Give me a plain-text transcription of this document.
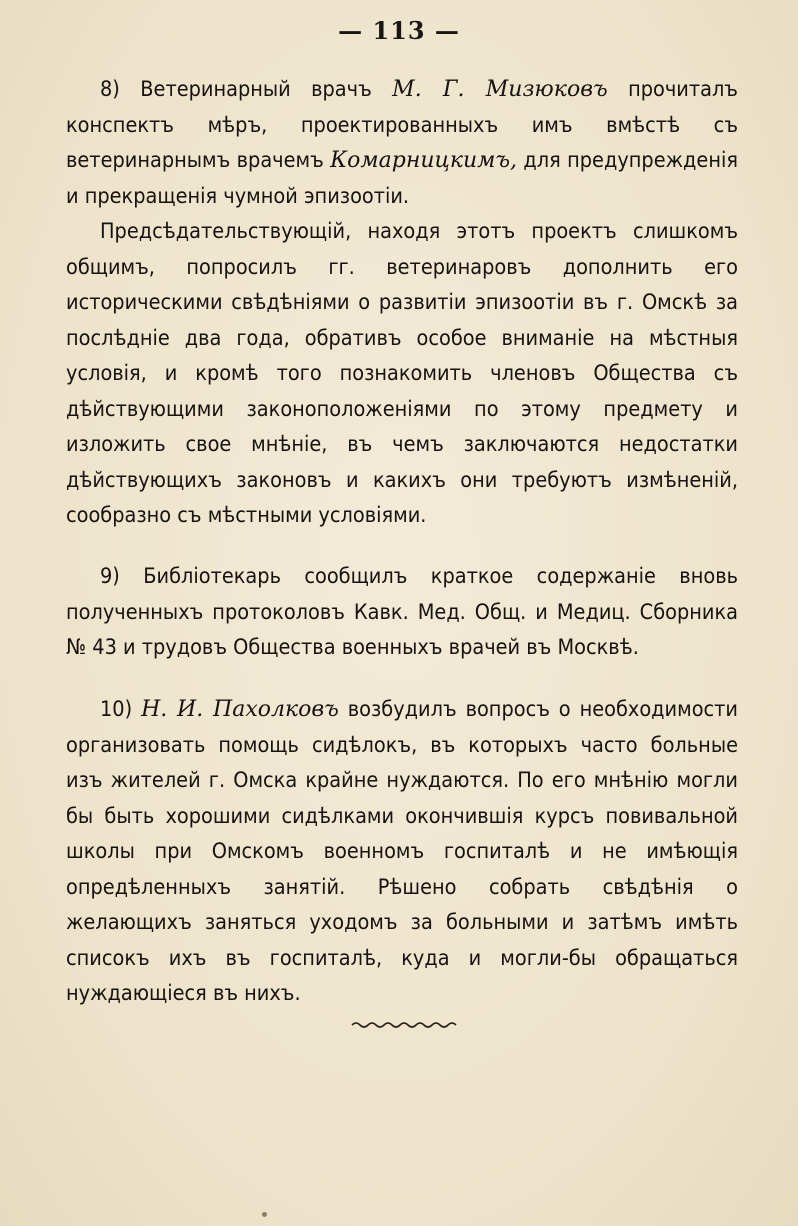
— 113 —

8) Ветеринарный врачъ М. Г. Мизюковъ прочиталъ конспектъ мѣръ, проектированныхъ имъ вмѣстѣ съ ветеринарнымъ врачемъ Комарницкимъ, для предупрежденія и прекращенія чумной эпизоотіи.

Предсѣдательствующій, находя этотъ проектъ слишкомъ общимъ, попросилъ гг. ветеринаровъ дополнить его историческими свѣдѣніями о развитіи эпизоотіи въ г. Омскѣ за послѣдніе два года, обративъ особое вниманіе на мѣстныя условія, и кромѣ того познакомить членовъ Общества съ дѣйствующими законоположеніями по этому предмету и изложить свое мнѣніе, въ чемъ заключаются недостатки дѣйствующихъ законовъ и какихъ они требуютъ измѣненій, сообразно съ мѣстными условіями.

9) Библіотекарь сообщилъ краткое содержаніе вновь полученныхъ протоколовъ Кавк. Мед. Общ. и Медиц. Сборника № 43 и трудовъ Общества военныхъ врачей въ Москвѣ.

10) Н. И. Пахолковъ возбудилъ вопросъ о необходимости организовать помощь сидѣлокъ, въ которыхъ часто больные изъ жителей г. Омска крайне нуждаются. По его мнѣнію могли бы быть хорошими сидѣлками окончившія курсъ повивальной школы при Омскомъ военномъ госпиталѣ и не имѣющія опредѣленныхъ занятій. Рѣшено собрать свѣдѣнія о желающихъ заняться уходомъ за больными и затѣмъ имѣть списокъ ихъ въ госпиталѣ, куда и могли-бы обращаться нуждающіеся въ нихъ.
